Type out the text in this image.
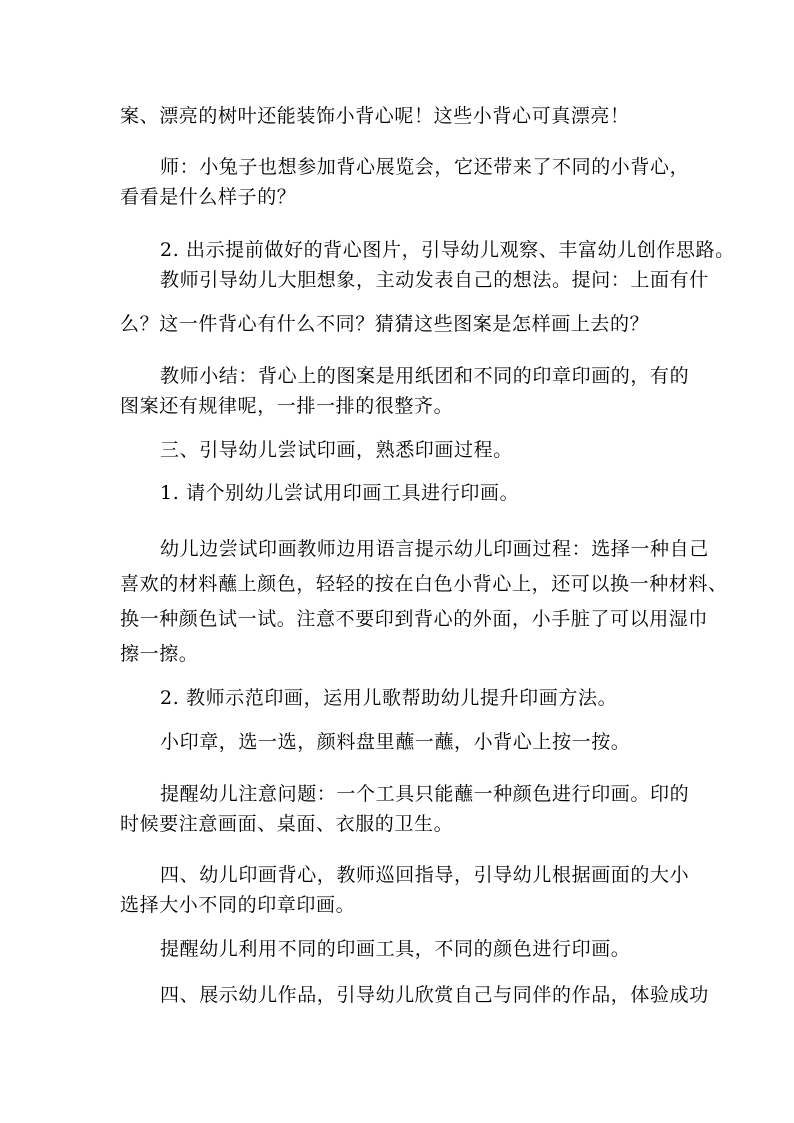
案、漂亮的树叶还能装饰小背心呢！这些小背心可真漂亮！
师：小兔子也想参加背心展览会，它还带来了不同的小背心，
看看是什么样子的？
2. 出示提前做好的背心图片，引导幼儿观察、丰富幼儿创作思路。
教师引导幼儿大胆想象，主动发表自己的想法。提问：上面有什
么？这一件背心有什么不同？猜猜这些图案是怎样画上去的？
教师小结：背心上的图案是用纸团和不同的印章印画的，有的
图案还有规律呢，一排一排的很整齐。
三、引导幼儿尝试印画，熟悉印画过程。
1. 请个别幼儿尝试用印画工具进行印画。
幼儿边尝试印画教师边用语言提示幼儿印画过程：选择一种自己
喜欢的材料蘸上颜色，轻轻的按在白色小背心上，还可以换一种材料、
换一种颜色试一试。注意不要印到背心的外面，小手脏了可以用湿巾
擦一擦。
2. 教师示范印画，运用儿歌帮助幼儿提升印画方法。
小印章，选一选，颜料盘里蘸一蘸，小背心上按一按。
提醒幼儿注意问题：一个工具只能蘸一种颜色进行印画。印的
时候要注意画面、桌面、衣服的卫生。
四、幼儿印画背心，教师巡回指导，引导幼儿根据画面的大小
选择大小不同的印章印画。
提醒幼儿利用不同的印画工具，不同的颜色进行印画。
四、展示幼儿作品，引导幼儿欣赏自己与同伴的作品，体验成功
